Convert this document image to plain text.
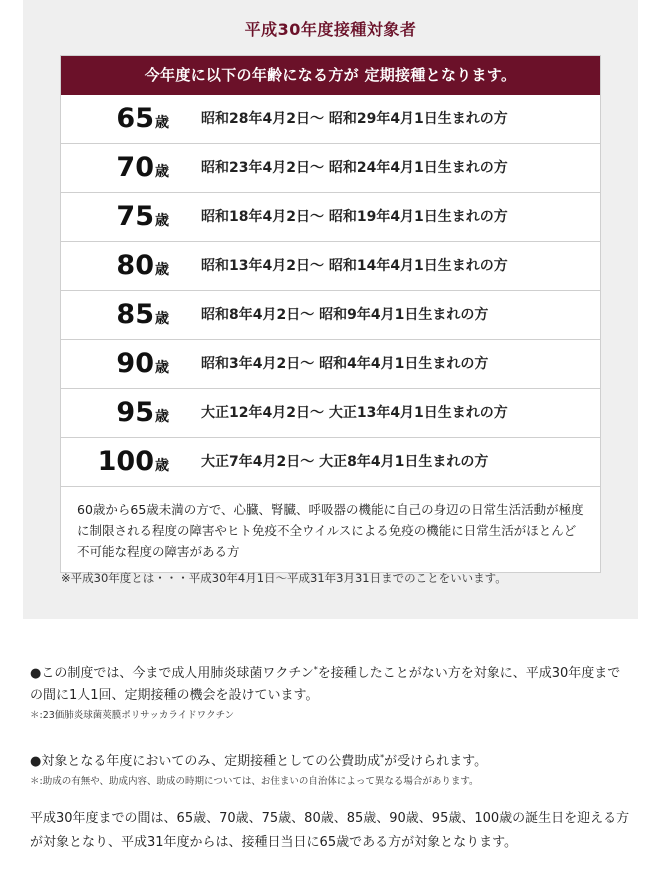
平成30年度接種対象者
今年度に以下の年齢になる方が 定期接種となります。
65歳 昭和28年4月2日～ 昭和29年4月1日生まれの方
70歳 昭和23年4月2日～ 昭和24年4月1日生まれの方
75歳 昭和18年4月2日～ 昭和19年4月1日生まれの方
80歳 昭和13年4月2日～ 昭和14年4月1日生まれの方
85歳 昭和8年4月2日～ 昭和9年4月1日生まれの方
90歳 昭和3年4月2日～ 昭和4年4月1日生まれの方
95歳 大正12年4月2日～ 大正13年4月1日生まれの方
100歳 大正7年4月2日～ 大正8年4月1日生まれの方
60歳から65歳未満の方で、心臓、腎臓、呼吸器の機能に自己の身辺の日常生活活動が極度に制限される程度の障害やヒト免疫不全ウイルスによる免疫の機能に日常生活がほとんど不可能な程度の障害がある方
※平成30年度とは・・・平成30年4月1日～平成31年3月31日までのことをいいます。
●この制度では、今まで成人用肺炎球菌ワクチン*を接種したことがない方を対象に、平成30年度までの間に1人1回、定期接種の機会を設けています。
＊:23価肺炎球菌莢膜ポリサッカライドワクチン
●対象となる年度においてのみ、定期接種としての公費助成*が受けられます。
＊:助成の有無や、助成内容、助成の時期については、お住まいの自治体によって異なる場合があります。
平成30年度までの間は、65歳、70歳、75歳、80歳、85歳、90歳、95歳、100歳の誕生日を迎える方が対象となり、平成31年度からは、接種日当日に65歳である方が対象となります。
